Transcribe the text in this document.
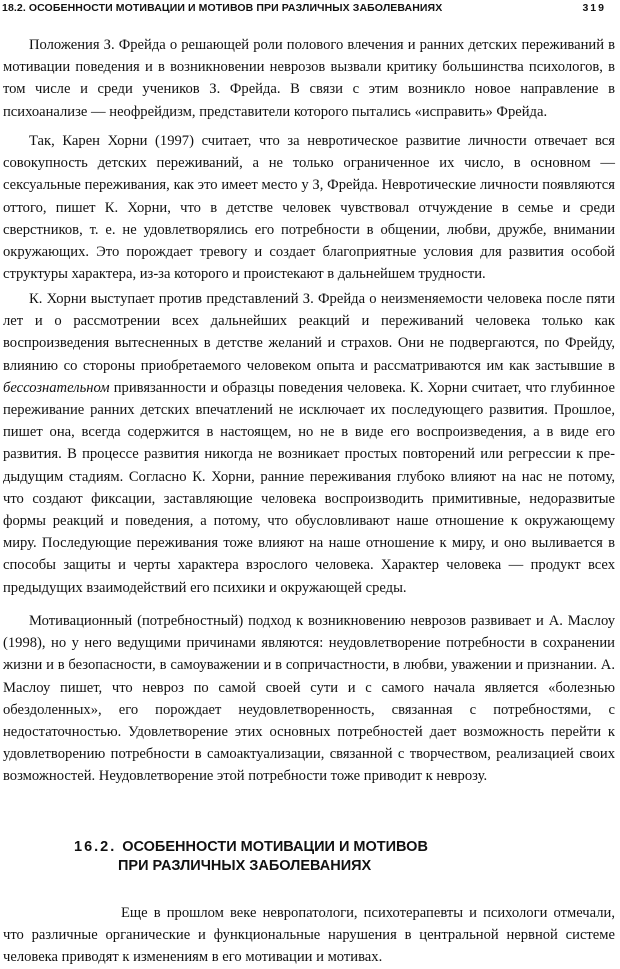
18.2. ОСОБЕННОСТИ МОТИВАЦИИ И МОТИВОВ ПРИ РАЗЛИЧНЫХ ЗАБОЛЕВАНИЯХ	319

Положения З. Фрейда о решающей роли полового влечения и ранних детских переживаний в мотивации поведения и в возникновении неврозов вызвали критику большинства психологов, в том числе и среди учеников З. Фрейда. В связи с этим возникло новое направление в психоанализе — неофрейдизм, представители которого пытались «исправить» Фрейда.

Так, Карен Хорни (1997) считает, что за невротическое развитие личности отвечает вся совокупность детских переживаний, а не только ограниченное их число, в основном — сексуальные переживания, как это имеет место у З, Фрейда. Невротические личности появляются оттого, пишет К. Хорни, что в детстве человек чувствовал отчуждение в семье и среди сверстников, т. е. не удовлетворялись его потребности в общении, любви, дружбе, внимании окружающих. Это порождает тревогу и создает благоприятные условия для развития особой структуры характера, из-за которого и проистекают в дальнейшем трудности.

К. Хорни выступает против представлений З. Фрейда о неизменяемости человека после пяти лет и о рассмотрении всех дальнейших реакций и переживаний человека только как воспроизведения вытесненных в детстве желаний и страхов. Они не подвергаются, по Фрейду, влиянию со стороны приобретаемого человеком опыта и рассматриваются им как застывшие в бессознательном привязанности и образцы поведения человека. К. Хорни считает, что глубинное переживание ранних детских впечатлений не исключает их последующего развития. Прошлое, пишет она, всегда содержится в настоящем, но не в виде его воспроизведения, а в виде его развития. В процессе развития никогда не возникает простых повторений или регрессии к предыдущим стадиям. Согласно К. Хорни, ранние переживания глубоко влияют на нас не потому, что создают фиксации, заставляющие человека воспроизводить примитивные, недоразвитые формы реакций и поведения, а потому, что обусловливают наше отношение к окружающему миру. Последующие переживания тоже влияют на наше отношение к миру, и оно выливается в способы защиты и черты характера взрослого человека. Характер человека — продукт всех предыдущих взаимодействий его психики и окружающей среды.

Мотивационный (потребностный) подход к возникновению неврозов развивает и А. Маслоу (1998), но у него ведущими причинами являются: неудовлетворение потребности в сохранении жизни и в безопасности, в самоуважении и в сопричастности, в любви, уважении и признании. А. Маслоу пишет, что невроз по самой своей сути и с самого начала является «болезнью обездоленных», его порождает неудовлетворенность, связанная с потребностями, с недостаточностью. Удовлетворение этих основных потребностей дает возможность перейти к удовлетворению потребности в самоактуализации, связанной с творчеством, реализацией своих возможностей. Неудовлетворение этой потребности тоже приводит к неврозу.

16.2. ОСОБЕННОСТИ МОТИВАЦИИ И МОТИВОВ
ПРИ РАЗЛИЧНЫХ ЗАБОЛЕВАНИЯХ

Еще в прошлом веке невропатологи, психотерапевты и психологи отмечали, что различные органические и функциональные нарушения в центральной нервной системе человека приводят к изменениям в его мотивации и мотивах.
